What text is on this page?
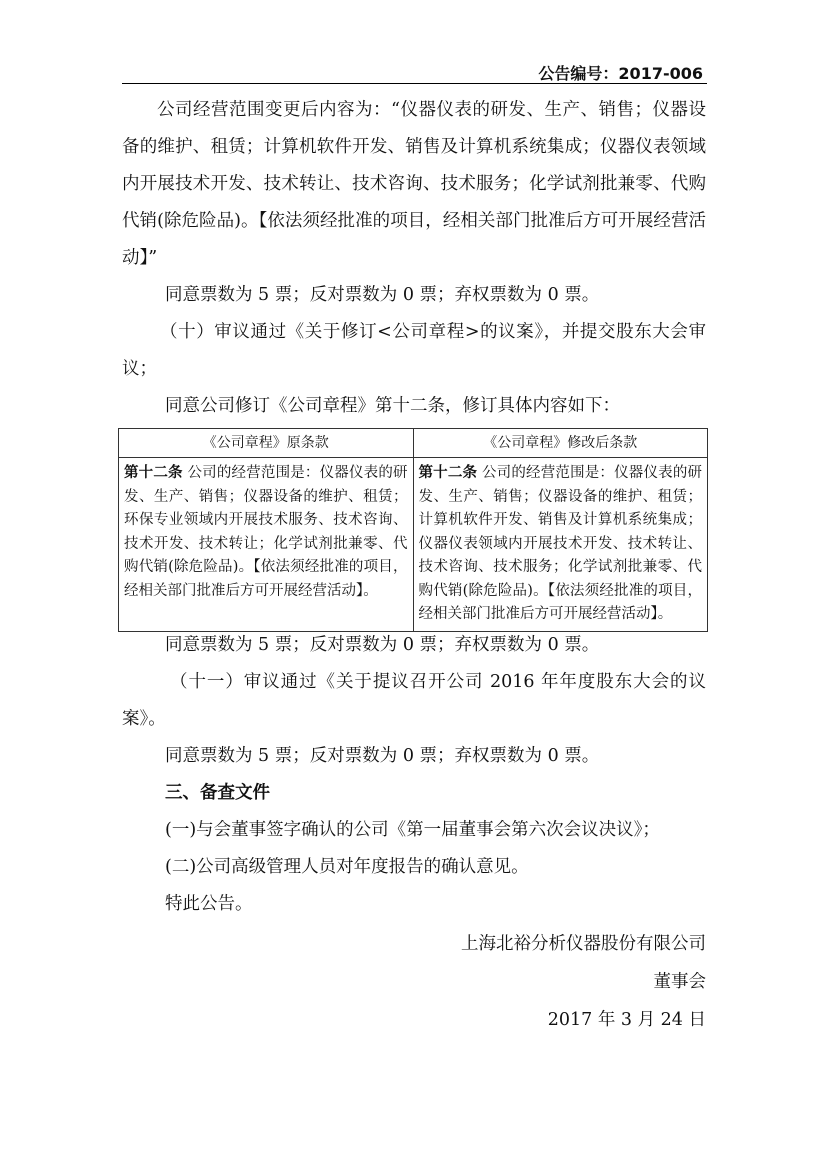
公告编号：2017-006

公司经营范围变更后内容为：“仪器仪表的研发、生产、销售；仪器设备的维护、租赁；计算机软件开发、销售及计算机系统集成；仪器仪表领域内开展技术开发、技术转让、技术咨询、技术服务；化学试剂批兼零、代购代销(除危险品)。【依法须经批准的项目，经相关部门批准后方可开展经营活动】”

同意票数为 5 票；反对票数为 0 票；弃权票数为 0 票。

（十）审议通过《关于修订<公司章程>的议案》，并提交股东大会审议；

同意公司修订《公司章程》第十二条，修订具体内容如下：

《公司章程》原条款	《公司章程》修改后条款
第十二条 公司的经营范围是：仪器仪表的研发、生产、销售；仪器设备的维护、租赁；环保专业领域内开展技术服务、技术咨询、技术开发、技术转让；化学试剂批兼零、代购代销(除危险品)。【依法须经批准的项目，经相关部门批准后方可开展经营活动】。	第十二条 公司的经营范围是：仪器仪表的研发、生产、销售；仪器设备的维护、租赁；计算机软件开发、销售及计算机系统集成；仪器仪表领域内开展技术开发、技术转让、技术咨询、技术服务；化学试剂批兼零、代购代销(除危险品)。【依法须经批准的项目，经相关部门批准后方可开展经营活动】。

同意票数为 5 票；反对票数为 0 票；弃权票数为 0 票。

（十一）审议通过《关于提议召开公司 2016 年年度股东大会的议案》。

同意票数为 5 票；反对票数为 0 票；弃权票数为 0 票。

三、备查文件

(一)与会董事签字确认的公司《第一届董事会第六次会议决议》；

(二)公司高级管理人员对年度报告的确认意见。

特此公告。

上海北裕分析仪器股份有限公司

董事会

2017 年 3 月 24 日
